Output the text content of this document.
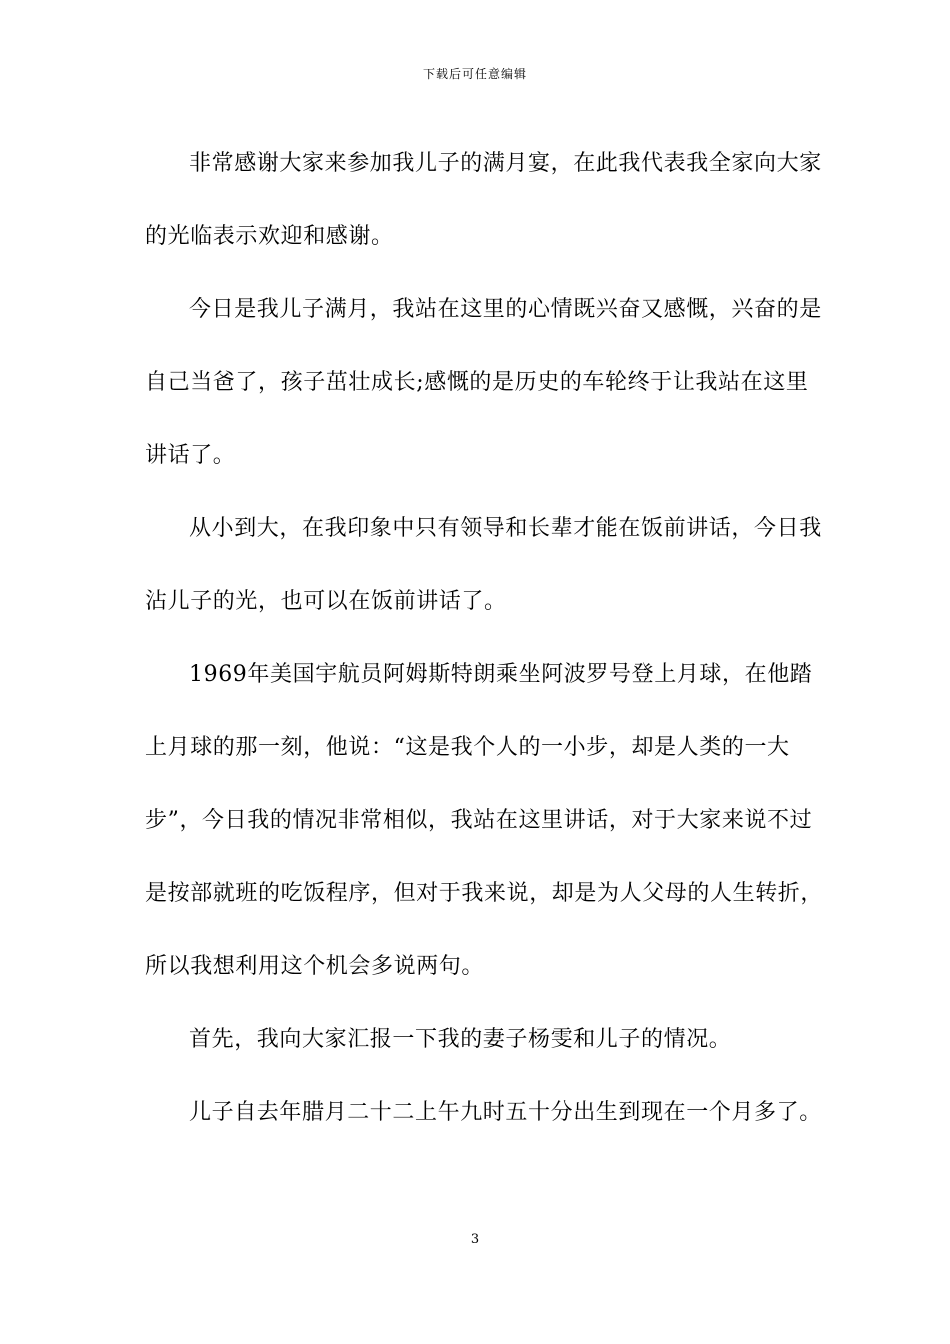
下载后可任意编辑

非常感谢大家来参加我儿子的满月宴，在此我代表我全家向大家的光临表示欢迎和感谢。

今日是我儿子满月，我站在这里的心情既兴奋又感慨，兴奋的是自己当爸了，孩子茁壮成长;感慨的是历史的车轮终于让我站在这里讲话了。

从小到大，在我印象中只有领导和长辈才能在饭前讲话，今日我沾儿子的光，也可以在饭前讲话了。

1969年美国宇航员阿姆斯特朗乘坐阿波罗号登上月球，在他踏上月球的那一刻，他说：“这是我个人的一小步，却是人类的一大步”，今日我的情况非常相似，我站在这里讲话，对于大家来说不过是按部就班的吃饭程序，但对于我来说，却是为人父母的人生转折，所以我想利用这个机会多说两句。

首先，我向大家汇报一下我的妻子杨雯和儿子的情况。

儿子自去年腊月二十二上午九时五十分出生到现在一个月多了。

3
